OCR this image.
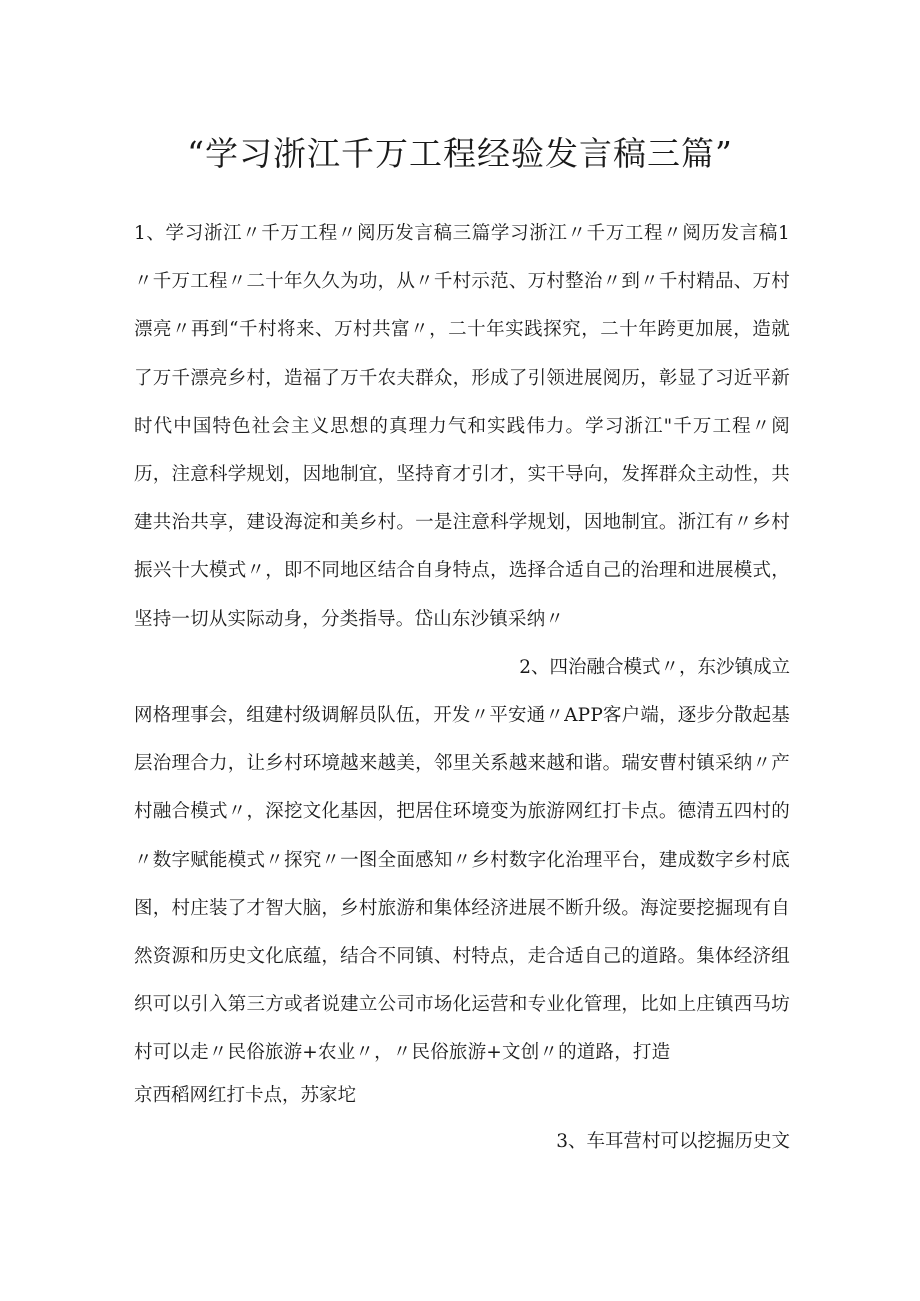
“学习浙江千万工程经验发言稿三篇”
1、学习浙江〃千万工程〃阅历发言稿三篇学习浙江〃千万工程〃阅历发言稿1〃千万工程〃二十年久久为功，从〃千村示范、万村整治〃到〃千村精品、万村漂亮〃再到“千村将来、万村共富〃，二十年实践探究，二十年跨更加展，造就了万千漂亮乡村，造福了万千农夫群众，形成了引领进展阅历，彰显了习近平新时代中国特色社会主义思想的真理力气和实践伟力。学习浙江"千万工程〃阅历，注意科学规划，因地制宜，坚持育才引才，实干导向，发挥群众主动性，共建共治共享，建设海淀和美乡村。一是注意科学规划，因地制宜。浙江有〃乡村振兴十大模式〃，即不同地区结合自身特点，选择合适自己的治理和进展模式，坚持一切从实际动身，分类指导。岱山东沙镇采纳〃
2、四治融合模式〃，东沙镇成立
网格理事会，组建村级调解员队伍，开发〃平安通〃APP客户端，逐步分散起基层治理合力，让乡村环境越来越美，邻里关系越来越和谐。瑞安曹村镇采纳〃产村融合模式〃，深挖文化基因，把居住环境变为旅游网红打卡点。德清五四村的〃数字赋能模式〃探究〃一图全面感知〃乡村数字化治理平台，建成数字乡村底图，村庄装了才智大脑，乡村旅游和集体经济进展不断升级。海淀要挖掘现有自然资源和历史文化底蕴，结合不同镇、村特点，走合适自己的道路。集体经济组织可以引入第三方或者说建立公司市场化运营和专业化管理，比如上庄镇西马坊村可以走〃民俗旅游+农业〃，〃民俗旅游+文创〃的道路，打造
京西稻网红打卡点，苏家坨
3、车耳营村可以挖掘历史文
